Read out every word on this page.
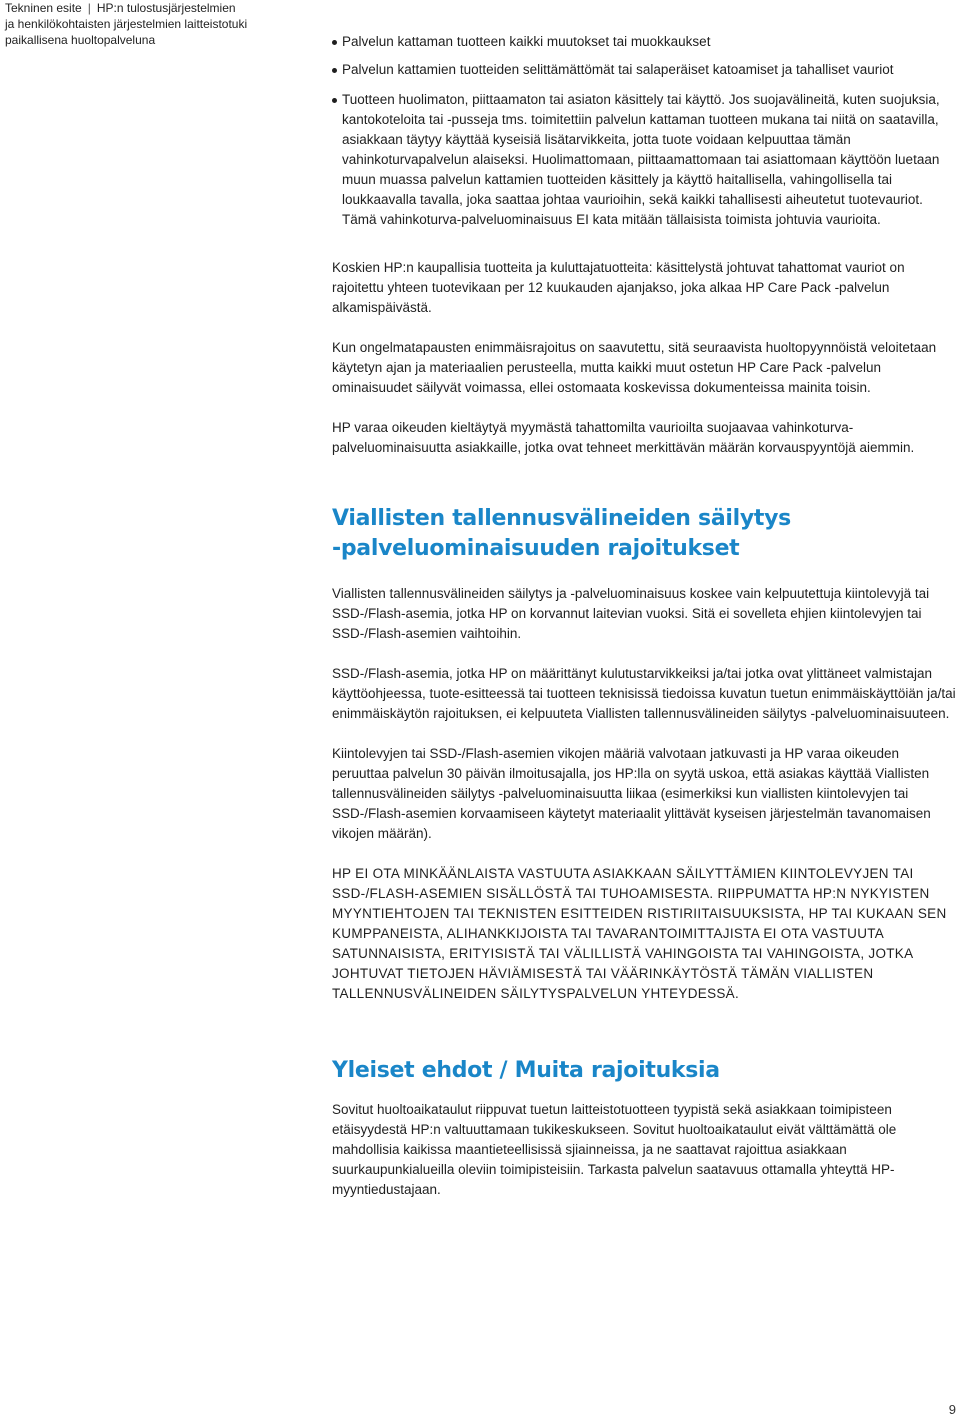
Tekninen esite | HP:n tulostusjärjestelmien
ja henkilökohtaisten järjestelmien laitteistotuki
paikallisena huoltopalveluna	Palvelun kattaman tuotteen kaikki muutokset tai muokkaukset
Palvelun kattamien tuotteiden selittämättömät tai salaperäiset katoamiset ja tahalliset vauriot
Tuotteen huolimaton, piittaamaton tai asiaton käsittely tai käyttö. Jos suojavälineitä, kuten suojuksia, kantokoteloita tai -pusseja tms. toimitettiin palvelun kattaman tuotteen mukana tai niitä on saatavilla, asiakkaan täytyy käyttää kyseisiä lisätarvikkeita, jotta tuote voidaan kelpuuttaa tämän vahinkoturvapalvelun alaiseksi. Huolimattomaan, piittaamattomaan tai asiattomaan käyttöön luetaan muun muassa palvelun kattamien tuotteiden käsittely ja käyttö haitallisella, vahingollisella tai loukkaavalla tavalla, joka saattaa johtaa vaurioihin, sekä kaikki tahallisesti aiheutetut tuotevauriot. Tämä vahinkoturva-palveluominaisuus EI kata mitään tällaisista toimista johtuvia vaurioita.

Koskien HP:n kaupallisia tuotteita ja kuluttajatuotteita: käsittelystä johtuvat tahattomat vauriot on rajoitettu yhteen tuotevikaan per 12 kuukauden ajanjakso, joka alkaa HP Care Pack -palvelun alkamispäivästä.

Kun ongelmatapausten enimmäisrajoitus on saavutettu, sitä seuraavista huoltopyynnöistä veloitetaan käytetyn ajan ja materiaalien perusteella, mutta kaikki muut ostetun HP Care Pack -palvelun ominaisuudet säilyvät voimassa, ellei ostomaata koskevissa dokumenteissa mainita toisin.

HP varaa oikeuden kieltäytyä myymästä tahattomilta vaurioilta suojaavaa vahinkoturva-palveluominaisuutta asiakkaille, jotka ovat tehneet merkittävän määrän korvauspyyntöjä aiemmin.

Viallisten tallennusvälineiden säilytys
-palveluominaisuuden rajoitukset

Viallisten tallennusvälineiden säilytys ja -palveluominaisuus koskee vain kelpuutettuja kiintolevyjä tai SSD-/Flash-asemia, jotka HP on korvannut laitevian vuoksi. Sitä ei sovelleta ehjien kiintolevyjen tai SSD-/Flash-asemien vaihtoihin.

SSD-/Flash-asemia, jotka HP on määrittänyt kulutustarvikkeiksi ja/tai jotka ovat ylittäneet valmistajan käyttöohjeessa, tuote-esitteessä tai tuotteen teknisissä tiedoissa kuvatun tuetun enimmäiskäyttöiän ja/tai enimmäiskäytön rajoituksen, ei kelpuuteta Viallisten tallennusvälineiden säilytys -palveluominaisuuteen.

Kiintolevyjen tai SSD-/Flash-asemien vikojen määriä valvotaan jatkuvasti ja HP varaa oikeuden peruuttaa palvelun 30 päivän ilmoitusajalla, jos HP:lla on syytä uskoa, että asiakas käyttää Viallisten tallennusvälineiden säilytys -palveluominaisuutta liikaa (esimerkiksi kun viallisten kiintolevyjen tai SSD-/Flash-asemien korvaamiseen käytetyt materiaalit ylittävät kyseisen järjestelmän tavanomaisen vikojen määrän).

HP EI OTA MINKÄÄNLAISTA VASTUUTA ASIAKKAAN SÄILYTTÄMIEN KIINTOLEVYJEN TAI SSD-/FLASH-ASEMIEN SISÄLLÖSTÄ TAI TUHOAMISESTA. RIIPPUMATTA HP:N NYKYISTEN MYYNTIEHTOJEN TAI TEKNISTEN ESITTEIDEN RISTIRIITAISUUKSISTA, HP TAI KUKAAN SEN KUMPPANEISTA, ALIHANKKIJOISTA TAI TAVARANTOIMITTAJISTA EI OTA VASTUUTA SATUNNAISISTA, ERITYISISTÄ TAI VÄLILLISTÄ VAHINGOISTA TAI VAHINGOISTA, JOTKA JOHTUVAT TIETOJEN HÄVIÄMISESTÄ TAI VÄÄRINKÄYTÖSTÄ TÄMÄN VIALLISTEN TALLENNUSVÄLINEIDEN SÄILYTYSPALVELUN YHTEYDESSÄ.

Yleiset ehdot / Muita rajoituksia

Sovitut huoltoaikataulut riippuvat tuetun laitteistotuotteen tyypistä sekä asiakkaan toimipisteen etäisyydestä HP:n valtuuttamaan tukikeskukseen. Sovitut huoltoaikataulut eivät välttämättä ole mahdollisia kaikissa maantieteellisissä sjiainneissa, ja ne saattavat rajoittua asiakkaan suurkaupunkialueilla oleviin toimipisteisiin. Tarkasta palvelun saatavuus ottamalla yhteyttä HP-myyntiedustajaan.

9
